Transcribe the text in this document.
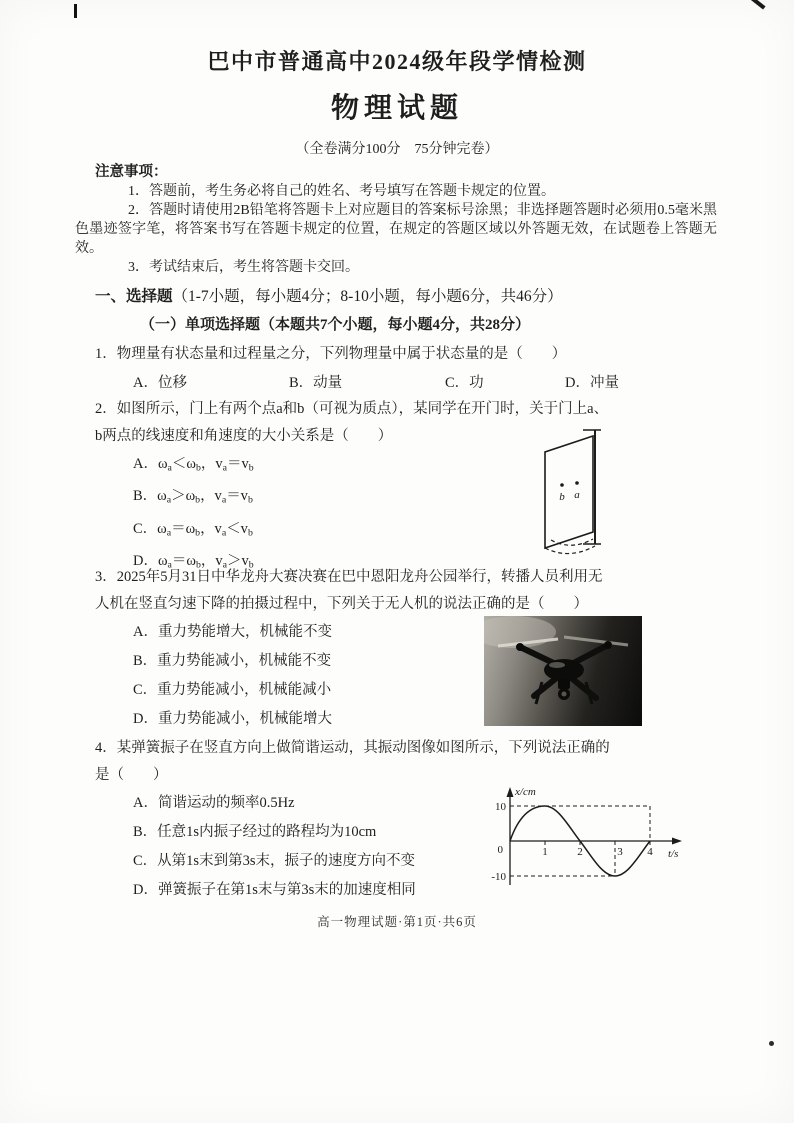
巴中市普通高中2024级年段学情检测
物理试题
（全卷满分100分　75分钟完卷）
注意事项：
1．答题前，考生务必将自己的姓名、考号填写在答题卡规定的位置。
2．答题时请使用2B铅笔将答题卡上对应题目的答案标号涂黑；非选择题答题时必须用0.5毫米黑色墨迹签字笔，将答案书写在答题卡规定的位置，在规定的答题区域以外答题无效，在试题卷上答题无效。
3．考试结束后，考生将答题卡交回。
一、选择题（1-7小题，每小题4分；8-10小题，每小题6分，共46分）
（一）单项选择题（本题共7个小题，每小题4分，共28分）
1．物理量有状态量和过程量之分，下列物理量中属于状态量的是（　　）
A．位移	B．动量	C．功	D．冲量
2．如图所示，门上有两个点a和b（可视为质点），某同学在开门时，关于门上a、
b两点的线速度和角速度的大小关系是（　　）
A．$\omega_a<\omega_b$，$v_a=v_b$
B．$\omega_a>\omega_b$，$v_a=v_b$
C．$\omega_a=\omega_b$，$v_a<v_b$
D．$\omega_a=\omega_b$，$v_a>v_b$
b a
3．2025年5月31日中华龙舟大赛决赛在巴中恩阳龙舟公园举行，转播人员利用无
人机在竖直匀速下降的拍摄过程中，下列关于无人机的说法正确的是（　　）
A．重力势能增大，机械能不变
B．重力势能减小，机械能不变
C．重力势能减小，机械能减小
D．重力势能减小，机械能增大
4．某弹簧振子在竖直方向上做简谐运动，其振动图像如图所示，下列说法正确的
是（　　）
A．简谐运动的频率0.5Hz
B．任意1s内振子经过的路程均为10cm
C．从第1s末到第3s末，振子的速度方向不变
D．弹簧振子在第1s末与第3s末的加速度相同
x/cm
t/s
10
-10
0	1	2	3 4
高一物理试题·第1页·共6页
